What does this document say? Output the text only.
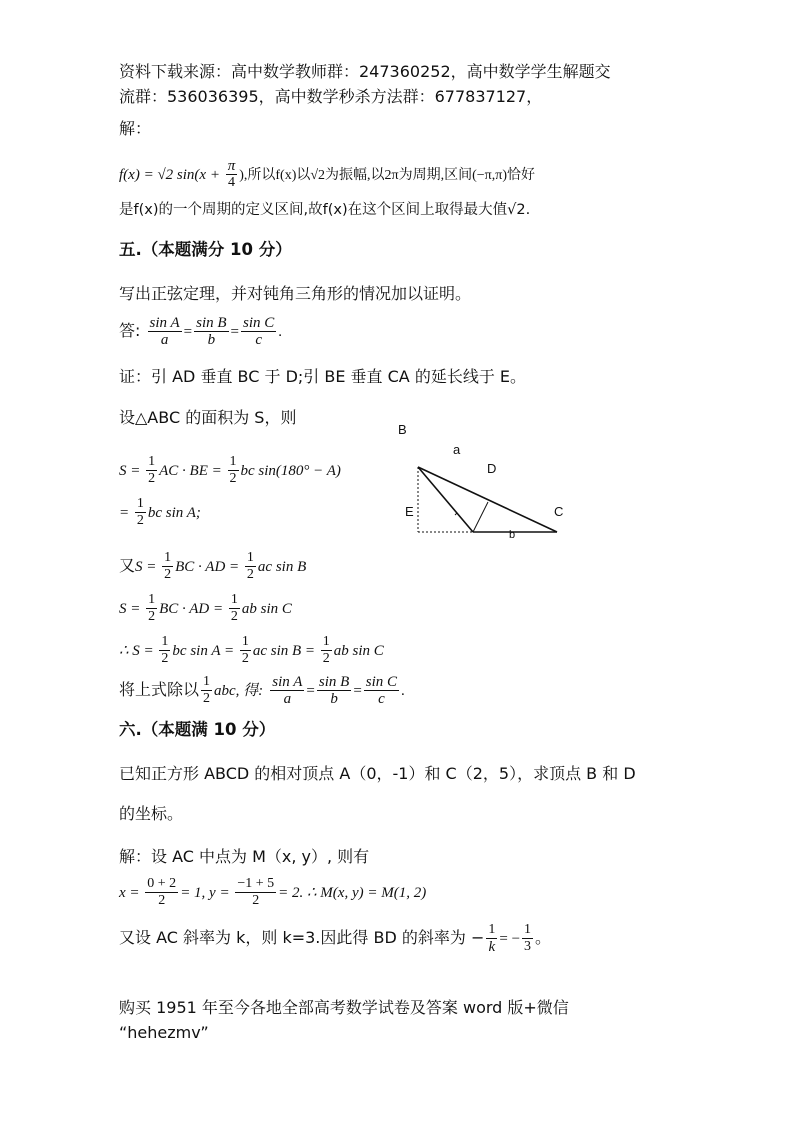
资料下载来源：高中数学教师群：247360252，高中数学学生解题交
流群：536036395，高中数学秒杀方法群：677837127，
解：
f(x) = √2 $\sin(x + \frac{\pi}{4}$ ),所以f(x)以√2为振幅,以2π为周期,区间(−π,π)恰好
是f(x)的一个周期的定义区间,故f(x)在这个区间上取得最大值√2.
五.（本题满分 10 分）
写出正弦定理，并对钝角三角形的情况加以证明。
答: $\frac{\text{sin A}}{a} = \frac{\text{sin B}}{b} = \frac{\text{sin C}}{c}$ .
证：引 AD 垂直 BC 于 D;引 BE 垂直 CA 的延长线于 E。
设△ABC 的面积为 S，则
$S = \frac{1}{2}$ AC · BE = $\frac{1}{2}$ bc sin(180° − A)
= $\frac{1}{2}$ bc sin A;
又$S = \frac{1}{2}$ BC · AD = $\frac{1}{2}$ ac sin B
$S = \frac{1}{2}$ BC · AD = $\frac{1}{2}$ ab sin C
∴ $S = \frac{1}{2}$ bc $\sin A = \frac{1}{2}$ ac $\sin B = \frac{1}{2}$ ab sin C
将上式除以 $\frac{1}{2}$ abc, 得: $\frac{\text{sin A}}{a} = \frac{\text{sin B}}{b} = \frac{\text{sin C}}{c}$ .
B
a
D
E	C
b
六.（本题满 10 分）
已知正方形 ABCD 的相对顶点 A（0，-1）和 C（2，5），求顶点 B 和 D
的坐标。
解：设 AC 中点为 M（x, y）, 则有
$x = \frac{0 + 2}{2} = 1$, $y = \frac{-1 + 5}{2} = 2$. ∴ M(x, y) = M(1, 2)
又设 AC 斜率为 k，则 k=3.因此得 BD 的斜率为 − $\frac{1}{k}$ = − $\frac{1}{3}$ 。
购买 1951 年至今各地全部高考数学试卷及答案 word 版+微信
“hehezmv”
